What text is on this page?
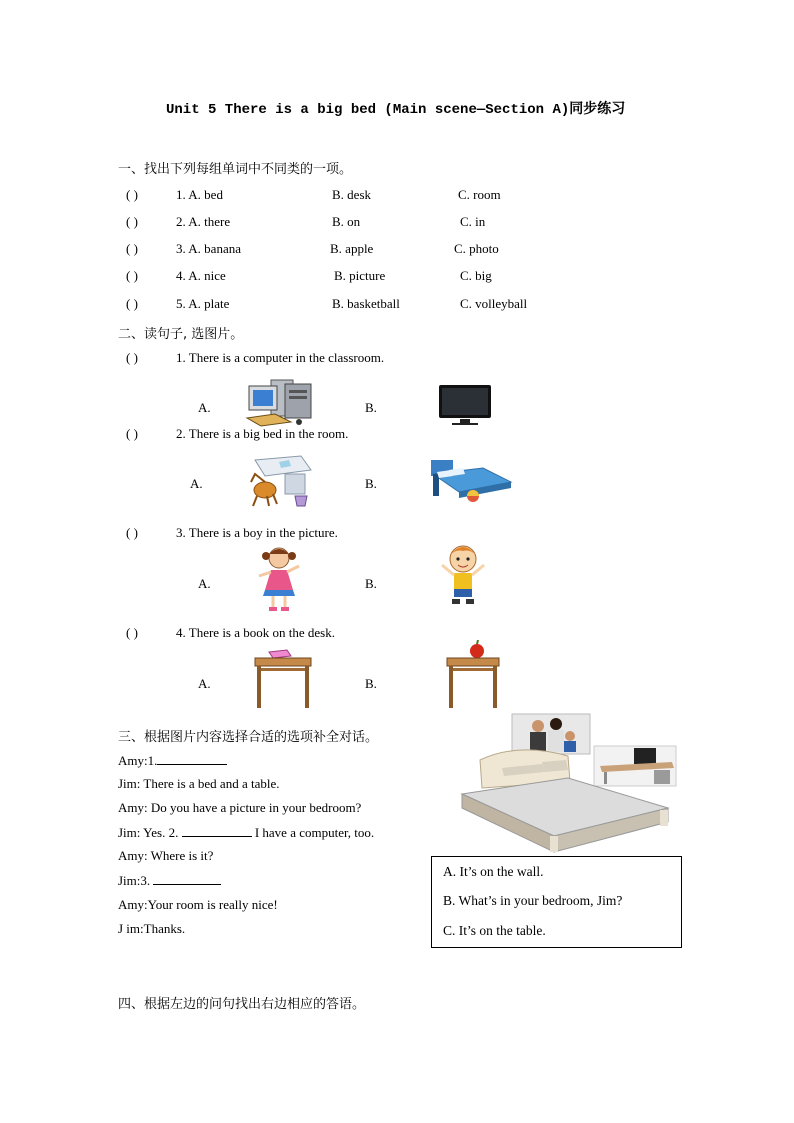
Unit 5 There is a big bed (Main scene—Section A)同步练习
一、找出下列每组单词中不同类的一项。
( )	1. A. bed	B. desk	C. room
( )	2. A. there	B. on	C. in
( )	3. A. banana	B. apple	C. photo
( )	4. A. nice	B. picture	C. big
( )	5. A. plate	B. basketball	C. volleyball
二、读句子, 选图片。
( )	1. There is a computer in the classroom.
A.	B.
( )	2. There is a big bed in the room.
A.	B.
( )	3. There is a boy in the picture.
A.	B.
( )	4. There is a book on the desk.
A.	B.
三、根据图片内容选择合适的选项补全对话。
Amy:1.
Jim: There is a bed and a table.
Amy: Do you have a picture in your bedroom?
Jim: Yes. 2.	I have a computer, too.
Amy: Where is it?
Jim:3.
Amy:Your room is really nice!
J im:Thanks.
A. It’s on the wall.
B. What’s in your bedroom, Jim?
C. It’s on the table.
四、根据左边的问句找出右边相应的答语。
